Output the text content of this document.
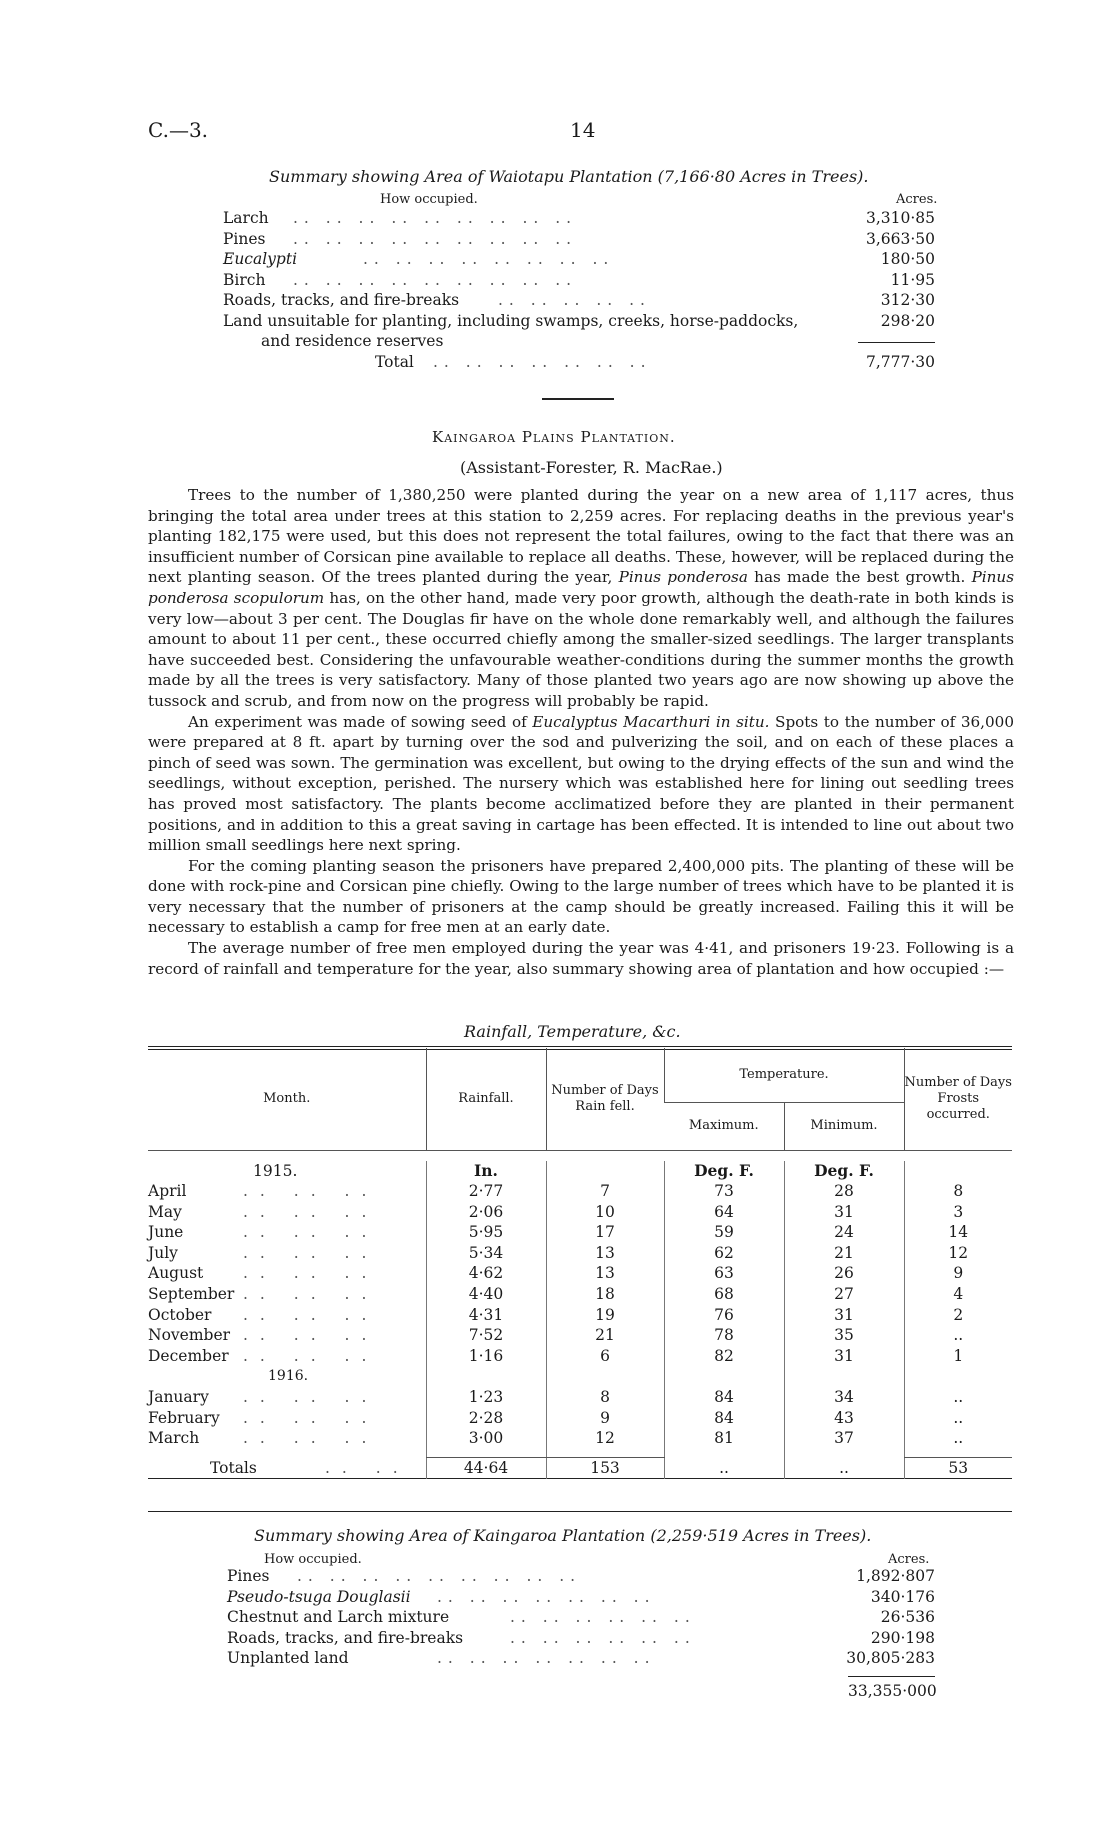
C.—3.	14
Summary showing Area of Waiotapu Plantation (7,166·80 Acres in Trees).
How occupied.	Acres.
Larch .. .. .. .. .. .. .. .. ..	3,310·85
Pines .. .. .. .. .. .. .. .. ..	3,663·50
Eucalypti	.. .. .. .. .. .. .. ..	180·50
Birch .. .. .. .. .. .. .. .. ..	11·95
Roads, tracks, and fire-breaks	.. .. .. .. ..	312·30
Land unsuitable for planting, including swamps, creeks, horse-paddocks,	298·20
and residence reserves
Total .. .. .. .. .. .. ..	7,777·30
Kaingaroa Plains Plantation.
(Assistant-Forester, R. MacRae.)

Trees to the number of 1,380,250 were planted during the year on a new area of 1,117 acres, thus bringing the total area under trees at this station to 2,259 acres. For replacing deaths in the previous year's planting 182,175 were used, but this does not represent the total failures, owing to the fact that there was an insufficient number of Corsican pine available to replace all deaths. These, however, will be replaced during the next planting season. Of the trees planted during the year, Pinus ponderosa has made the best growth. Pinus ponderosa scopulorum has, on the other hand, made very poor growth, although the death-rate in both kinds is very low—about 3 per cent. The Douglas fir have on the whole done remarkably well, and although the failures amount to about 11 per cent., these occurred chiefly among the smaller-sized seedlings. The larger transplants have succeeded best. Considering the unfavourable weather-conditions during the summer months the growth made by all the trees is very satisfactory. Many of those planted two years ago are now showing up above the tussock and scrub, and from now on the progress will probably be rapid.

An experiment was made of sowing seed of Eucalyptus Macarthuri in situ. Spots to the number of 36,000 were prepared at 8 ft. apart by turning over the sod and pulverizing the soil, and on each of these places a pinch of seed was sown. The germination was excellent, but owing to the drying effects of the sun and wind the seedlings, without exception, perished. The nursery which was established here for lining out seedling trees has proved most satisfactory. The plants become acclimatized before they are planted in their permanent positions, and in addition to this a great saving in cartage has been effected. It is intended to line out about two million small seedlings here next spring.

For the coming planting season the prisoners have prepared 2,400,000 pits. The planting of these will be done with rock-pine and Corsican pine chiefly. Owing to the large number of trees which have to be planted it is very necessary that the number of prisoners at the camp should be greatly increased. Failing this it will be necessary to establish a camp for free men at an early date.

The average number of free men employed during the year was 4·41, and prisoners 19·23. Following is a record of rainfall and temperature for the year, also summary showing area of plantation and how occupied :—

Rainfall, Temperature, &c.
Month.	Rainfall.	Number of Days Rain fell.	Temperature.		Number of Days Frosts occurred.
			Maximum.	Minimum.	

1915.	In.		Deg. F.	Deg. F.	
April .. .. ..	2·77	7	73	28	8
May .. .. ..	2·06	10	64	31	3
June .. .. ..	5·95	17	59	24	14
July .. .. ..	5·34	13	62	21	12
August .. .. ..	4·62	13	63	26	9
September .. .. ..	4·40	18	68	27	4
October .. .. ..	4·31	19	76	31	2
November .. .. ..	7·52	21	78	35	..
December .. .. ..	1·16	6	82	31	1
1916.					
January .. .. ..	1·23	8	84	34	..
February .. .. ..	2·28	9	84	43	..
March .. .. ..	3·00	12	81	37	..

Totals .. ..	44·64	153	..	..	53
Summary showing Area of Kaingaroa Plantation (2,259·519 Acres in Trees).
How occupied.	Acres.
Pines .. .. .. .. .. .. .. .. ..	1,892·807
Pseudo-tsuga Douglasii .. .. .. .. .. .. ..	340·176
Chestnut and Larch mixture	.. .. .. .. .. ..	26·536
Roads, tracks, and fire-breaks	.. .. .. .. .. ..	290·198
Unplanted land	.. .. .. .. .. .. ..	30,805·283
33,355·000
